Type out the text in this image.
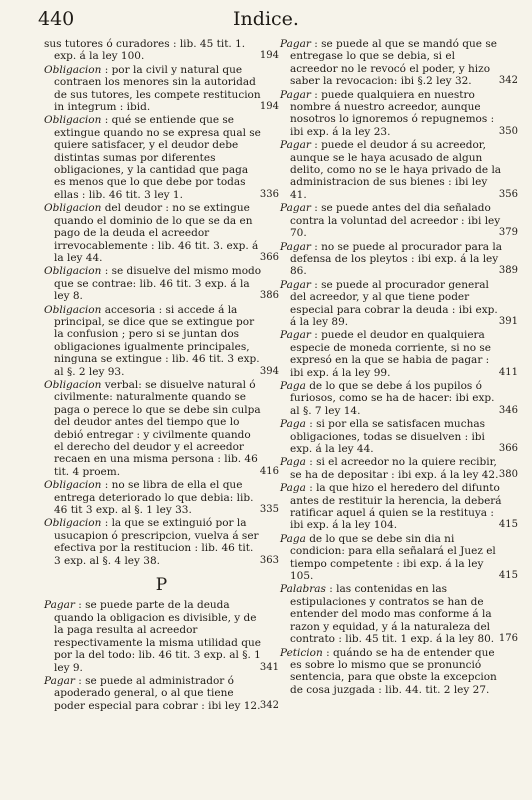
440	Indice.
sus tutores ó curadores : lib. 45 tit. 1. exp. á la ley 100.	194
Obligacion : por la civil y natural que contraen los menores sin la autoridad de sus tutores, les compete restitucion in integrum : ibid.	194
Obligacion : qué se entiende que se extingue quando no se expresa qual se quiere satisfacer, y el deudor debe distintas sumas por diferentes obligaciones, y la cantidad que paga es menos que lo que debe por todas ellas : lib. 46 tit. 3 ley 1.	336
Obligacion del deudor : no se extingue quando el dominio de lo que se da en pago de la deuda el acreedor irrevocablemente : lib. 46 tit. 3. exp. á la ley 44.	366
Obligacion : se disuelve del mismo modo que se contrae: lib. 46 tit. 3 exp. á la ley 8.	386
Obligacion accesoria : si accede á la principal, se dice que se extingue por la confusion ; pero si se juntan dos obligaciones igualmente principales, ninguna se extingue : lib. 46 tit. 3 exp. al §. 2 ley 93.	394
Obligacion verbal: se disuelve natural ó civilmente: naturalmente quando se paga o perece lo que se debe sin culpa del deudor antes del tiempo que lo debió entregar : y civilmente quando el derecho del deudor y el acreedor recaen en una misma persona : lib. 46 tit. 4 proem.	416
Obligacion : no se libra de ella el que entrega deteriorado lo que debia: lib. 46 tit 3 exp. al §. 1 ley 33.	335
Obligacion : la que se extinguió por la usucapion ó prescripcion, vuelva á ser efectiva por la restitucion : lib. 46 tit. 3 exp. al §. 4 ley 38.	363
P
Pagar : se puede parte de la deuda quando la obligacion es divisible, y de la paga resulta al acreedor respectivamente la misma utilidad que por la del todo: lib. 46 tit. 3 exp. al §. 1 ley 9.	341
Pagar : se puede al administrador ó apoderado general, o al que tiene poder especial para cobrar : ibi ley 12. 342
Pagar : se puede al que se mandó que se entregase lo que se debia, si el acreedor no le revocó el poder, y hizo saber la revocacion: ibi §.2 ley 32.	342
Pagar : puede qualquiera en nuestro nombre á nuestro acreedor, aunque nosotros lo ignoremos ó repugnemos : ibi exp. á la ley 23.	350
Pagar : puede el deudor á su acreedor, aunque se le haya acusado de algun delito, como no se le haya privado de la administracion de sus bienes : ibi ley 41.	356
Pagar : se puede antes del dia señalado contra la voluntad del acreedor : ibi ley 70.	379
Pagar : no se puede al procurador para la defensa de los pleytos : ibi exp. á la ley 86.	389
Pagar : se puede al procurador general del acreedor, y al que tiene poder especial para cobrar la deuda : ibi exp. á la ley 89.	391
Pagar : puede el deudor en qualquiera especie de moneda corriente, si no se expresó en la que se habia de pagar : ibi exp. á la ley 99.	411
Paga de lo que se debe á los pupilos ó furiosos, como se ha de hacer: ibi exp. al §. 7 ley 14.	346
Paga : si por ella se satisfacen muchas obligaciones, todas se disuelven : ibi exp. á la ley 44.	366
Paga : si el acreedor no la quiere recibir, se ha de depositar : ibi exp. á la ley 42. 380
Paga : la que hizo el heredero del difunto antes de restituir la herencia, la deberá ratificar aquel á quien se la restituya : ibi exp. á la ley 104.	415
Paga de lo que se debe sin dia ni condicion: para ella señalará el Juez el tiempo competente : ibi exp. á la ley 105.	415
Palabras : las contenidas en las estipulaciones y contratos se han de entender del modo mas conforme á la razon y equidad, y á la naturaleza del contrato : lib. 45 tit. 1 exp. á la ley 80. 176
Peticion : quándo se ha de entender que es sobre lo mismo que se pronunció sentencia, para que obste la excepcion de cosa juzgada : lib. 44. tit. 2 ley 27.
